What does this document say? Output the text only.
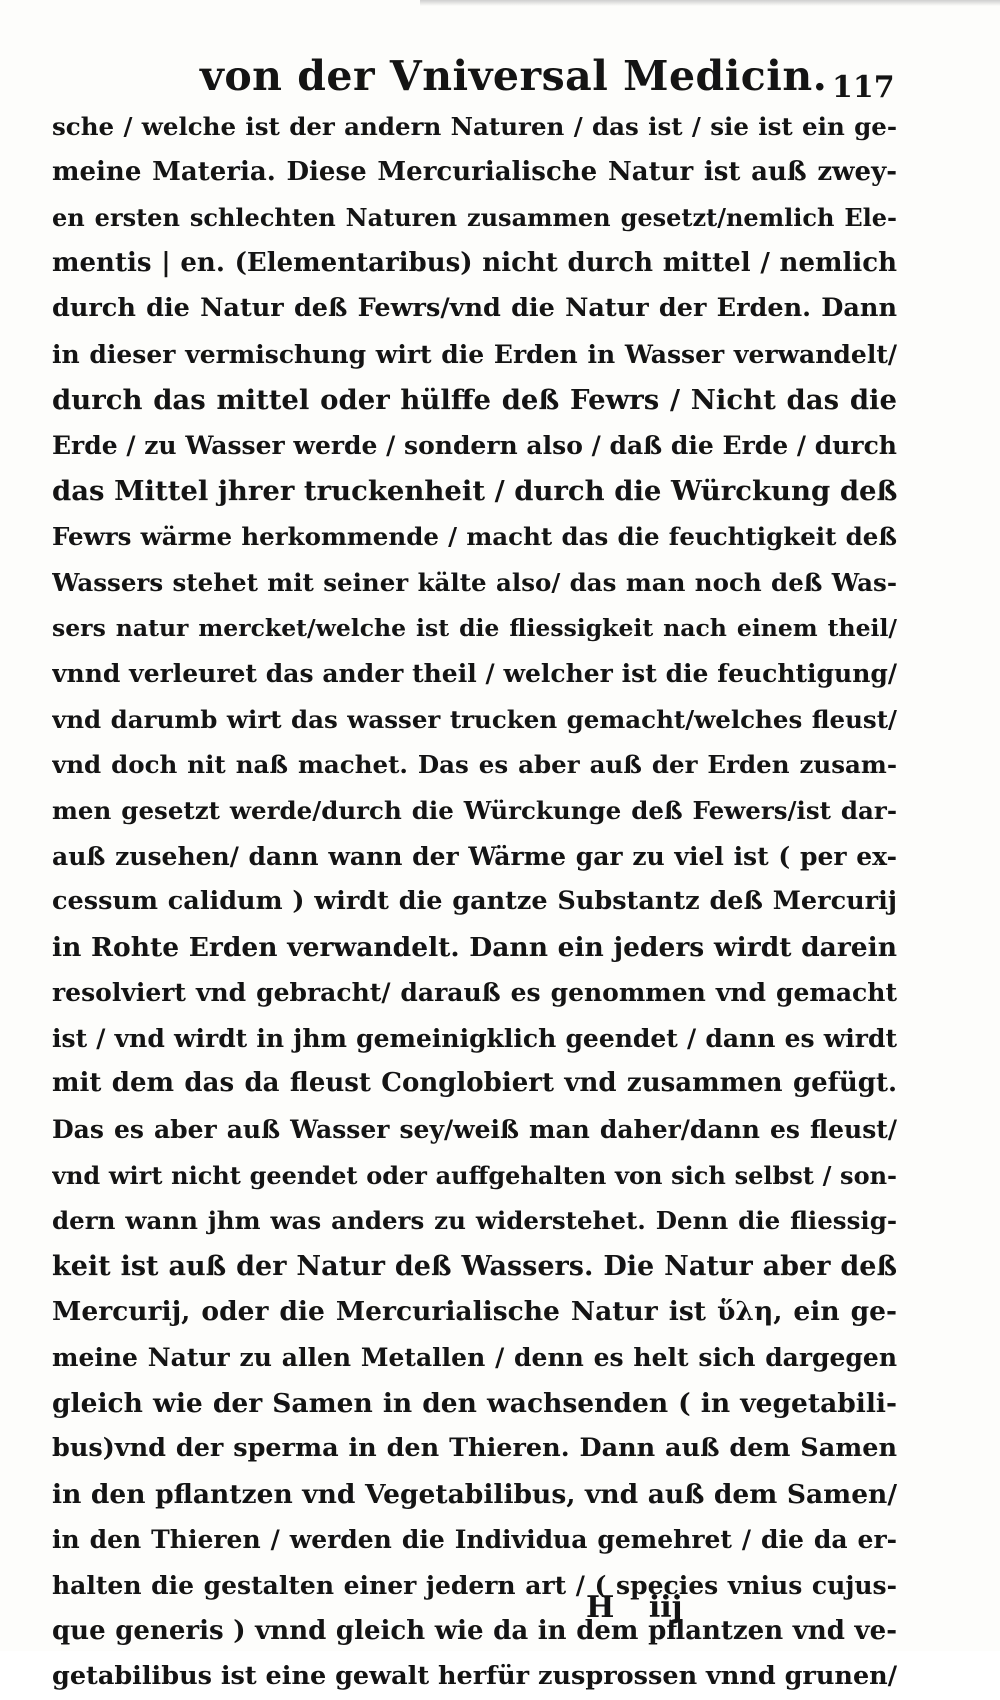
von der Vniversal Medicin. 117
sche / welche ist der andern Naturen / das ist / sie ist ein ge-
meine Materia. Diese Mercurialische Natur ist auß zwey-
en ersten schlechten Naturen zusammen gesetzt/nemlich Ele-
mentis | en. (Elementaribus) nicht durch mittel / nemlich
durch die Natur deß Fewrs/vnd die Natur der Erden. Dann
in dieser vermischung wirt die Erden in Wasser verwandelt/
durch das mittel oder hülffe deß Fewrs / Nicht das die
Erde / zu Wasser werde / sondern also / daß die Erde / durch
das Mittel jhrer truckenheit / durch die Würckung deß
Fewrs wärme herkommende / macht das die feuchtigkeit deß
Wassers stehet mit seiner kälte also/ das man noch deß Was-
sers natur mercket/welche ist die fliessigkeit nach einem theil/
vnnd verleuret das ander theil / welcher ist die feuchtigung/
vnd darumb wirt das wasser trucken gemacht/welches fleust/
vnd doch nit naß machet. Das es aber auß der Erden zusam-
men gesetzt werde/durch die Würckunge deß Fewers/ist dar-
auß zusehen/ dann wann der Wärme gar zu viel ist ( per ex-
cessum calidum ) wirdt die gantze Substantz deß Mercurij
in Rohte Erden verwandelt. Dann ein jeders wirdt darein
resolviert vnd gebracht/ darauß es genommen vnd gemacht
ist / vnd wirdt in jhm gemeinigklich geendet / dann es wirdt
mit dem das da fleust Conglobiert vnd zusammen gefügt.
Das es aber auß Wasser sey/weiß man daher/dann es fleust/
vnd wirt nicht geendet oder auffgehalten von sich selbst / son-
dern wann jhm was anders zu widerstehet. Denn die fliessig-
keit ist auß der Natur deß Wassers. Die Natur aber deß
Mercurij, oder die Mercurialische Natur ist ὕλη, ein ge-
meine Natur zu allen Metallen / denn es helt sich dargegen
gleich wie der Samen in den wachsenden ( in vegetabili-
bus)vnd der sperma in den Thieren. Dann auß dem Samen
in den pflantzen vnd Vegetabilibus, vnd auß dem Samen/
in den Thieren / werden die Individua gemehret / die da er-
halten die gestalten einer jedern art / ( species vnius cujus-
que generis ) vnnd gleich wie da in dem pflantzen vnd ve-
getabilibus ist eine gewalt herfür zusprossen vnnd grunen/
H iij
